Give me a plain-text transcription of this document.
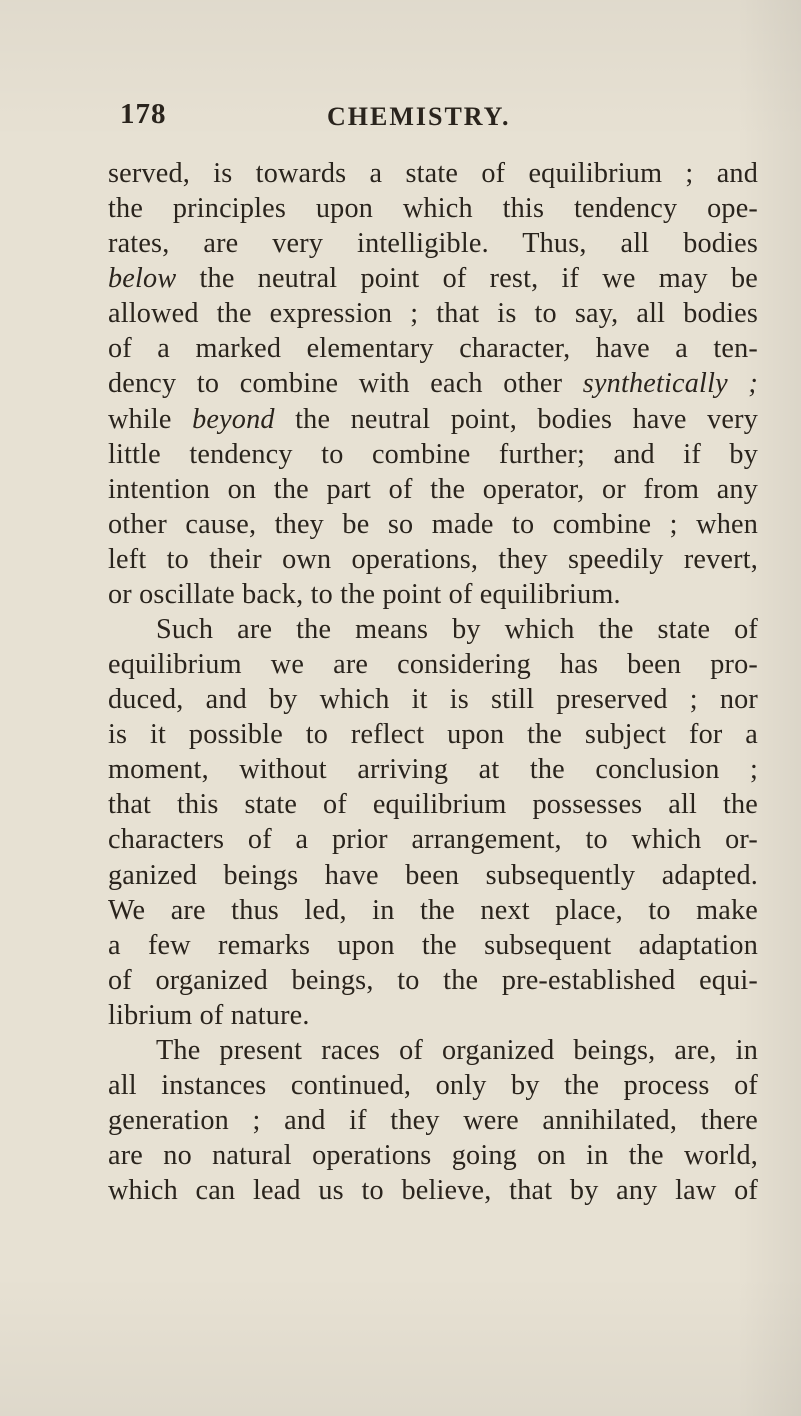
178	CHEMISTRY.
served, is towards a state of equilibrium ; and
the principles upon which this tendency ope-
rates, are very intelligible. Thus, all bodies
below the neutral point of rest, if we may be
allowed the expression ; that is to say, all bodies
of a marked elementary character, have a ten-
dency to combine with each other synthetically ;
while beyond the neutral point, bodies have very
little tendency to combine further; and if by
intention on the part of the operator, or from any
other cause, they be so made to combine ; when
left to their own operations, they speedily revert,
or oscillate back, to the point of equilibrium.
Such are the means by which the state of
equilibrium we are considering has been pro-
duced, and by which it is still preserved ; nor
is it possible to reflect upon the subject for a
moment, without arriving at the conclusion ;
that this state of equilibrium possesses all the
characters of a prior arrangement, to which or-
ganized beings have been subsequently adapted.
We are thus led, in the next place, to make
a few remarks upon the subsequent adaptation
of organized beings, to the pre-established equi-
librium of nature.
The present races of organized beings, are, in
all instances continued, only by the process of
generation ; and if they were annihilated, there
are no natural operations going on in the world,
which can lead us to believe, that by any law of
